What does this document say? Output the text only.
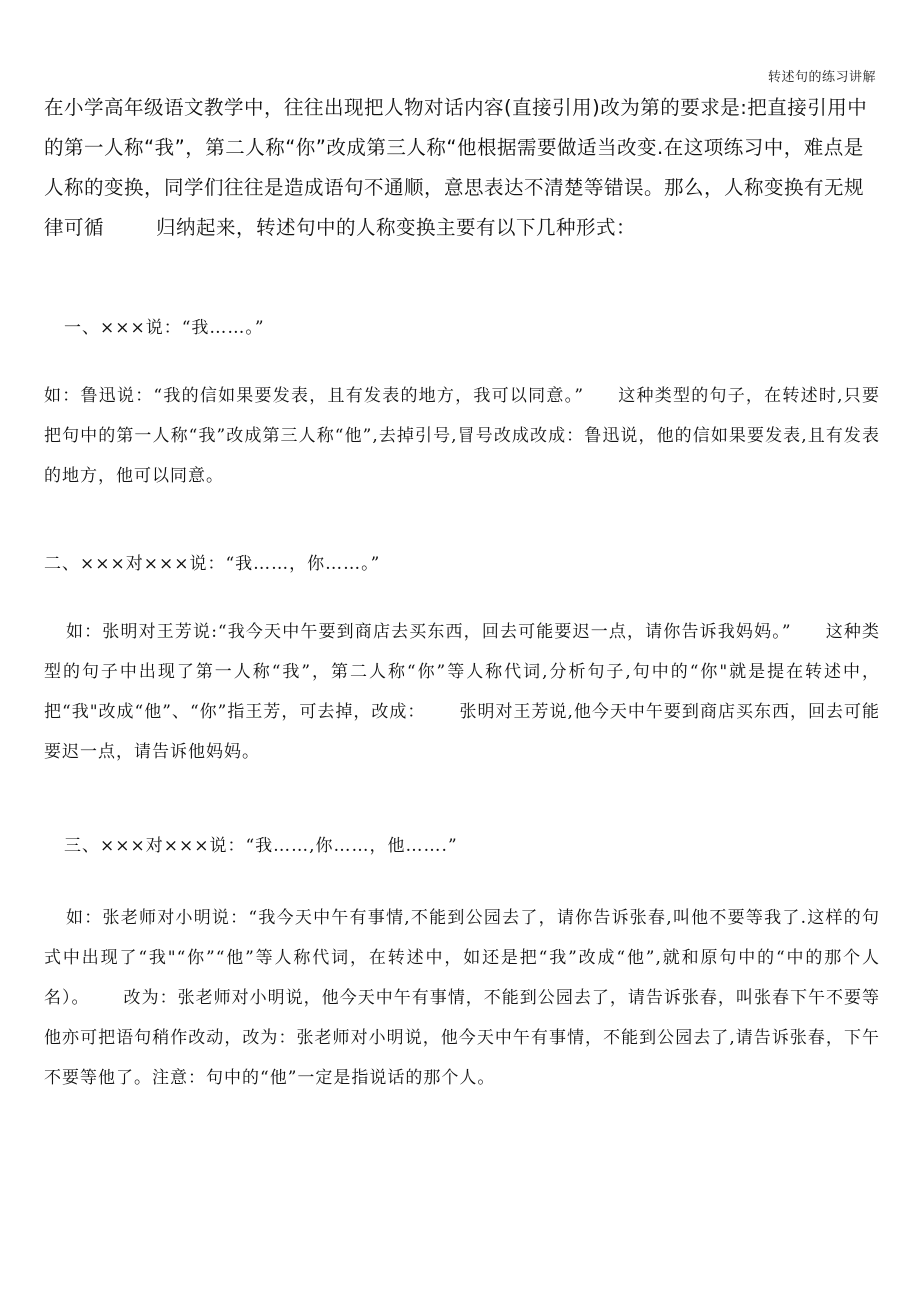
转述句的练习讲解
在小学高年级语文教学中，往往出现把人物对话内容(直接引用)改为第的要求是:把直接引用中的第一人称“我”，第二人称“你”改成第三人称“他根据需要做适当改变.在这项练习中，难点是人称的变换，同学们往往是造成语句不通顺，意思表达不清楚等错误。那么，人称变换有无规律可循	归纳起来，转述句中的人称变换主要有以下几种形式：
一、×××说：“我……。”
如：鲁迅说：“我的信如果要发表，且有发表的地方，我可以同意。” 这种类型的句子，在转述时,只要把句中的第一人称“我”改成第三人称“他”,去掉引号,冒号改成改成：鲁迅说，他的信如果要发表,且有发表的地方，他可以同意。
二、×××对×××说：“我……，你……。”
如：张明对王芳说:“我今天中午要到商店去买东西，回去可能要迟一点，请你告诉我妈妈。” 这种类型的句子中出现了第一人称“我”，第二人称“你”等人称代词,分析句子,句中的“你"就是提在转述中，把“我"改成“他”、“你”指王芳，可去掉，改成： 张明对王芳说,他今天中午要到商店买东西，回去可能要迟一点，请告诉他妈妈。
三、×××对×××说：“我……,你……，他…….”
如：张老师对小明说：“我今天中午有事情,不能到公园去了，请你告诉张春,叫他不要等我了.这样的句式中出现了“我"“你”“他”等人称代词，在转述中，如还是把“我”改成“他”,就和原句中的“中的那个人名）。 改为：张老师对小明说，他今天中午有事情，不能到公园去了，请告诉张春，叫张春下午不要等他亦可把语句稍作改动，改为：张老师对小明说，他今天中午有事情，不能到公园去了,请告诉张春，下午不要等他了。注意：句中的“他”一定是指说话的那个人。
